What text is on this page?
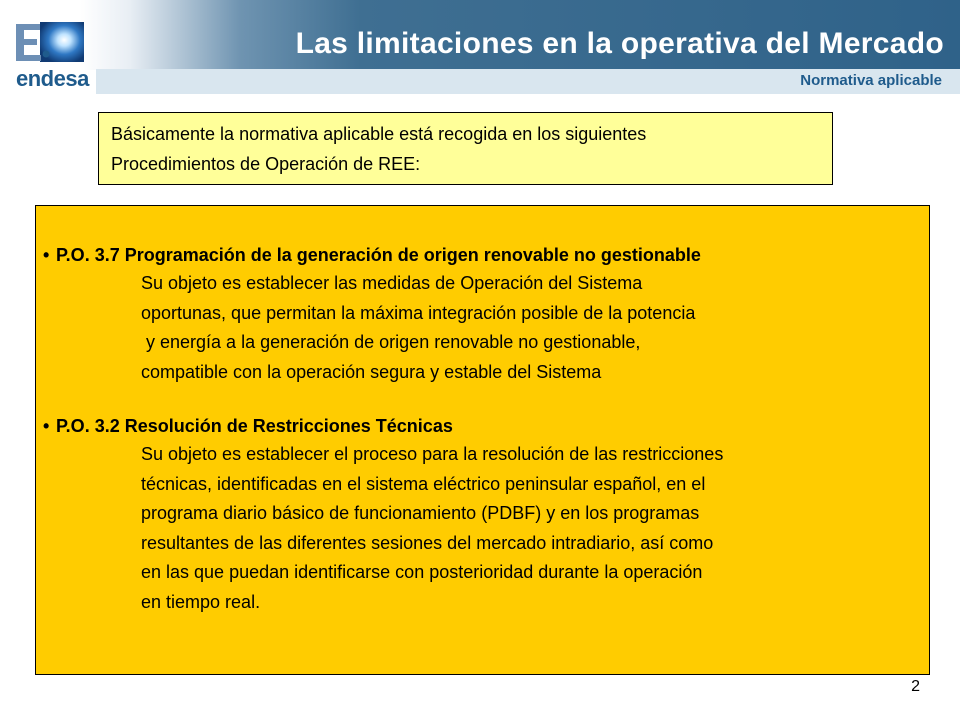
endesa
Las limitaciones en la operativa del Mercado
Normativa aplicable
Básicamente la normativa aplicable está recogida en los siguientes
Procedimientos de Operación de REE:
• P.O. 3.7 Programación de la generación de origen renovable no gestionable
Su objeto es establecer las medidas de Operación del Sistema
oportunas, que permitan la máxima integración posible de la potencia
y energía a la generación de origen renovable no gestionable,
compatible con la operación segura y estable del Sistema
• P.O. 3.2 Resolución de Restricciones Técnicas
Su objeto es establecer el proceso para la resolución de las restricciones
técnicas, identificadas en el sistema eléctrico peninsular español, en el
programa diario básico de funcionamiento (PDBF) y en los programas
resultantes de las diferentes sesiones del mercado intradiario, así como
en las que puedan identificarse con posterioridad durante la operación
en tiempo real.
2
